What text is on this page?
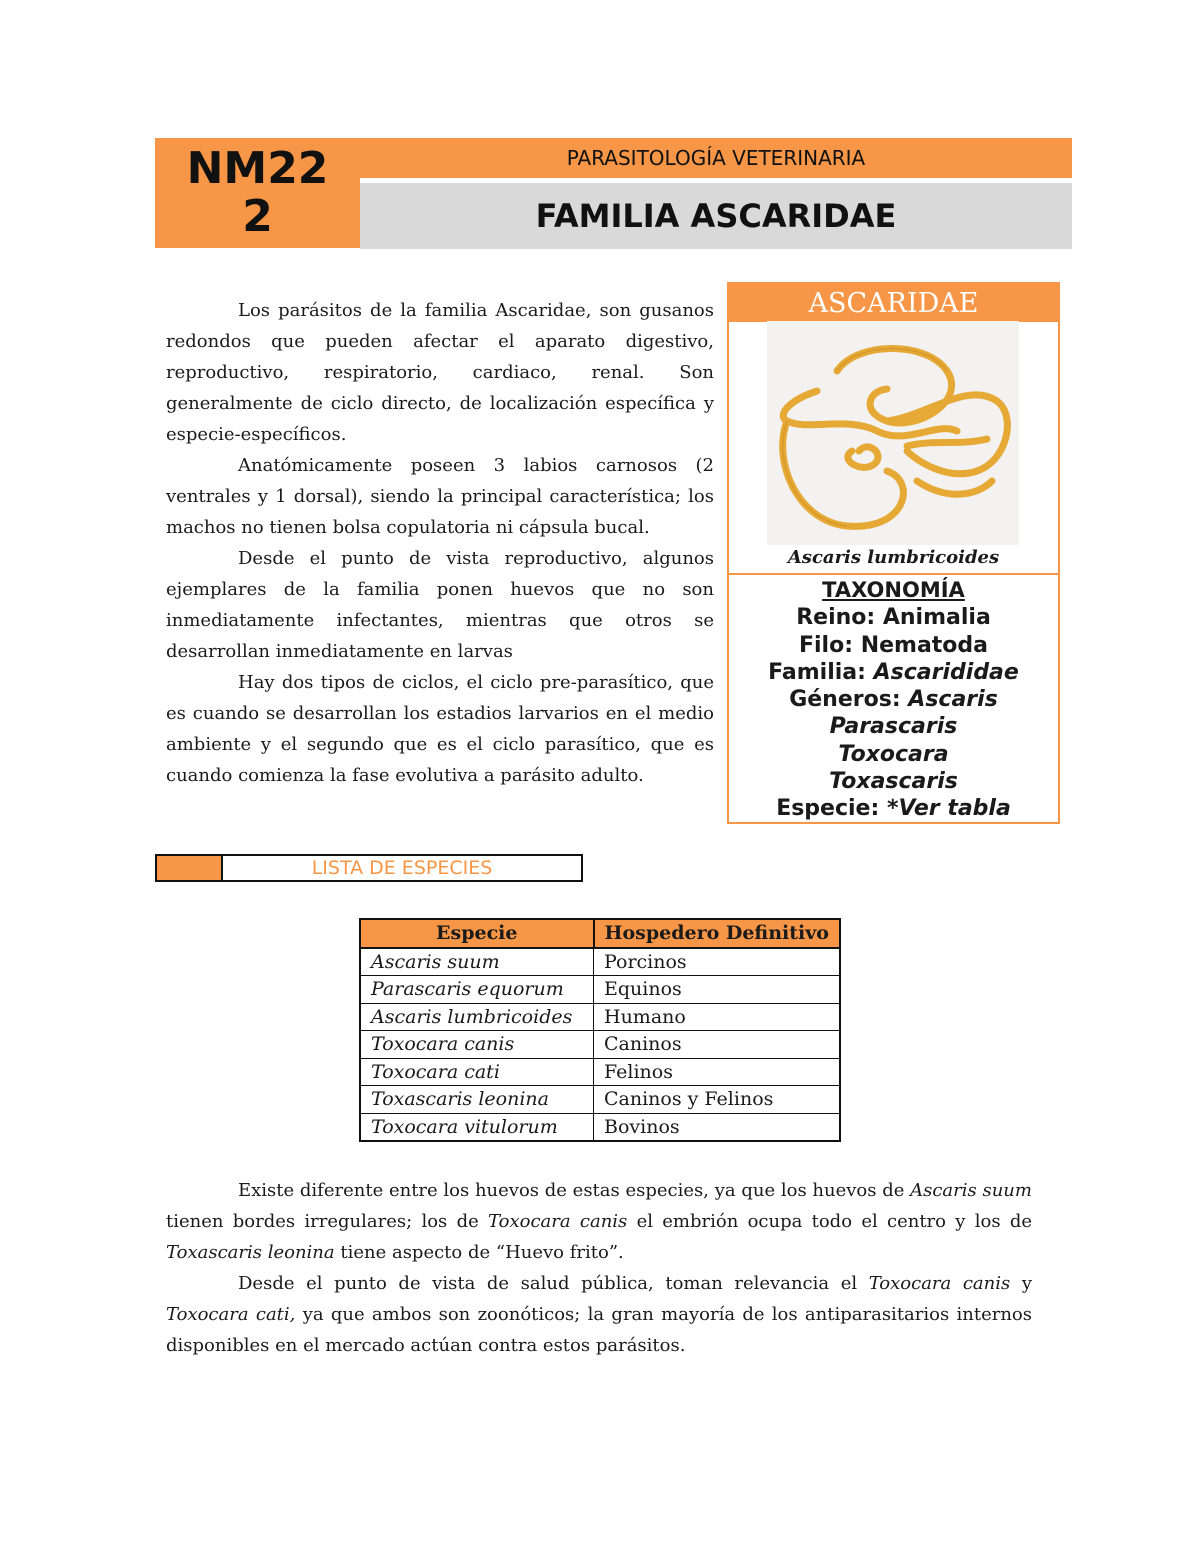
NM22
2
PARASITOLOGÍA VETERINARIA
FAMILIA ASCARIDAE

Los parásitos de la familia Ascaridae, son gusanos redondos que pueden afectar el aparato digestivo, reproductivo, respiratorio, cardiaco, renal. Son generalmente de ciclo directo, de localización específica y especie-específicos.

Anatómicamente poseen 3 labios carnosos (2 ventrales y 1 dorsal), siendo la principal característica; los machos no tienen bolsa copulatoria ni cápsula bucal.

Desde el punto de vista reproductivo, algunos ejemplares de la familia ponen huevos que no son inmediatamente infectantes, mientras que otros se desarrollan inmediatamente en larvas

Hay dos tipos de ciclos, el ciclo pre-parasítico, que es cuando se desarrollan los estadios larvarios en el medio ambiente y el segundo que es el ciclo parasítico, que es cuando comienza la fase evolutiva a parásito adulto.

ASCARIDAE
Ascaris lumbricoides
TAXONOMÍA
Reino: Animalia
Filo: Nematoda
Familia: Ascarididae
Géneros: Ascaris
Parascaris
Toxocara
Toxascaris
Especie: *Ver tabla
LISTA DE ESPECIES
Especie	Hospedero Definitivo
Ascaris suum	Porcinos
Parascaris equorum	Equinos
Ascaris lumbricoides	Humano
Toxocara canis	Caninos
Toxocara cati	Felinos
Toxascaris leonina	Caninos y Felinos
Toxocara vitulorum	Bovinos

Existe diferente entre los huevos de estas especies, ya que los huevos de Ascaris suum tienen bordes irregulares; los de Toxocara canis el embrión ocupa todo el centro y los de Toxascaris leonina tiene aspecto de “Huevo frito”.

Desde el punto de vista de salud pública, toman relevancia el Toxocara canis y Toxocara cati, ya que ambos son zoonóticos; la gran mayoría de los antiparasitarios internos disponibles en el mercado actúan contra estos parásitos.
